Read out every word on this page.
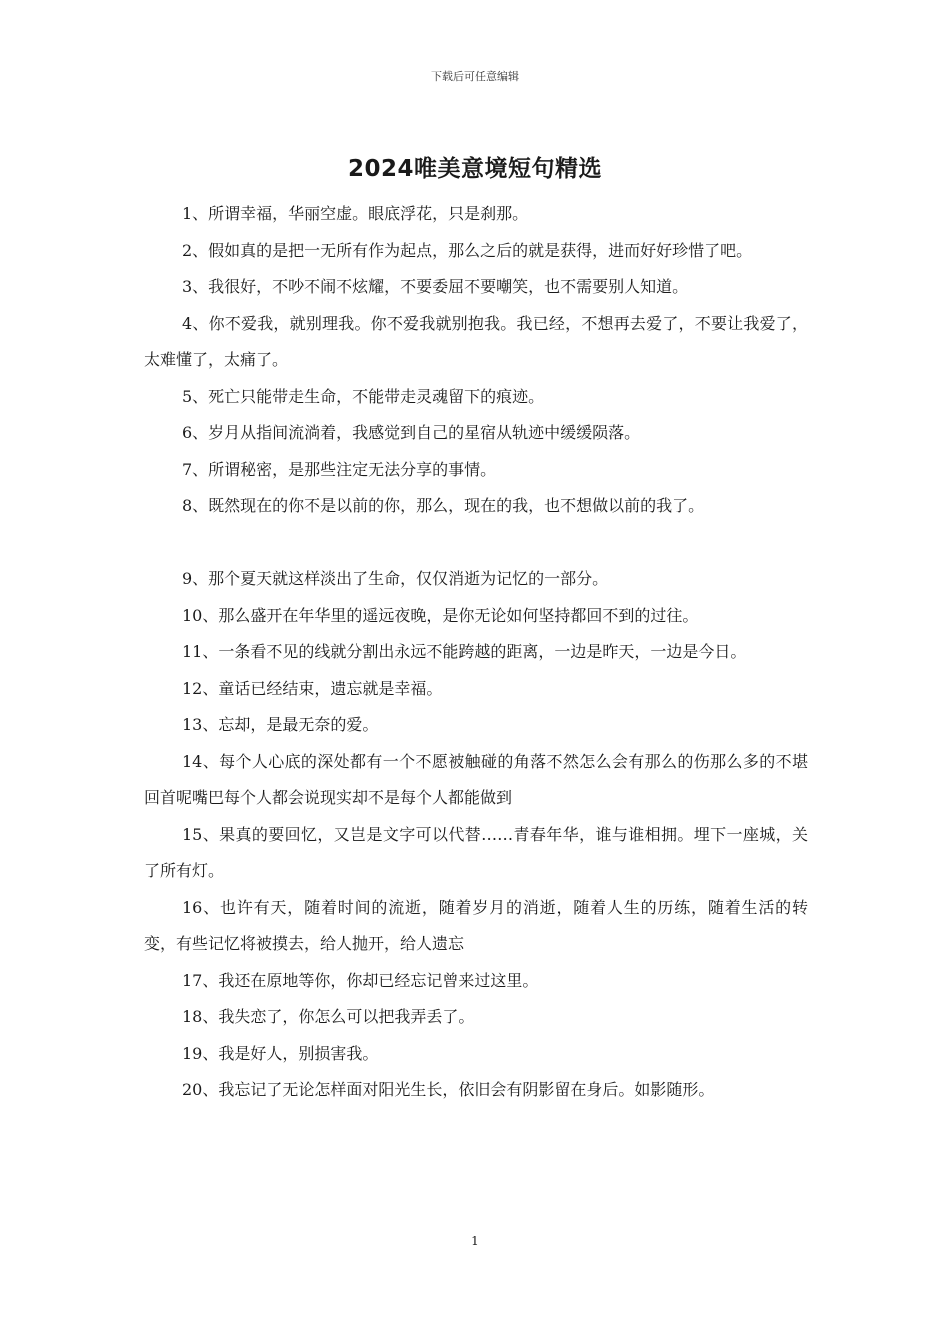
下载后可任意编辑
2024唯美意境短句精选

1、所谓幸福，华丽空虚。眼底浮花，只是刹那。

2、假如真的是把一无所有作为起点，那么之后的就是获得，进而好好珍惜了吧。

3、我很好，不吵不闹不炫耀，不要委屈不要嘲笑，也不需要别人知道。

4、你不爱我，就别理我。你不爱我就别抱我。我已经，不想再去爱了，不要让我爱了，太难懂了，太痛了。

5、死亡只能带走生命，不能带走灵魂留下的痕迹。

6、岁月从指间流淌着，我感觉到自己的星宿从轨迹中缓缓陨落。

7、所谓秘密，是那些注定无法分享的事情。

8、既然现在的你不是以前的你，那么，现在的我，也不想做以前的我了。

9、那个夏天就这样淡出了生命，仅仅消逝为记忆的一部分。

10、那么盛开在年华里的遥远夜晚，是你无论如何坚持都回不到的过往。

11、一条看不见的线就分割出永远不能跨越的距离，一边是昨天，一边是今日。

12、童话已经结束，遗忘就是幸福。

13、忘却，是最无奈的爱。

14、每个人心底的深处都有一个不愿被触碰的角落不然怎么会有那么的伤那么多的不堪回首呢嘴巴每个人都会说现实却不是每个人都能做到

15、果真的要回忆，又岂是文字可以代替……青春年华，谁与谁相拥。埋下一座城，关了所有灯。

16、也许有天，随着时间的流逝，随着岁月的消逝，随着人生的历练，随着生活的转变，有些记忆将被摸去，给人抛开，给人遗忘

17、我还在原地等你，你却已经忘记曾来过这里。

18、我失恋了，你怎么可以把我弄丢了。

19、我是好人，别损害我。

20、我忘记了无论怎样面对阳光生长，依旧会有阴影留在身后。如影随形。

1
